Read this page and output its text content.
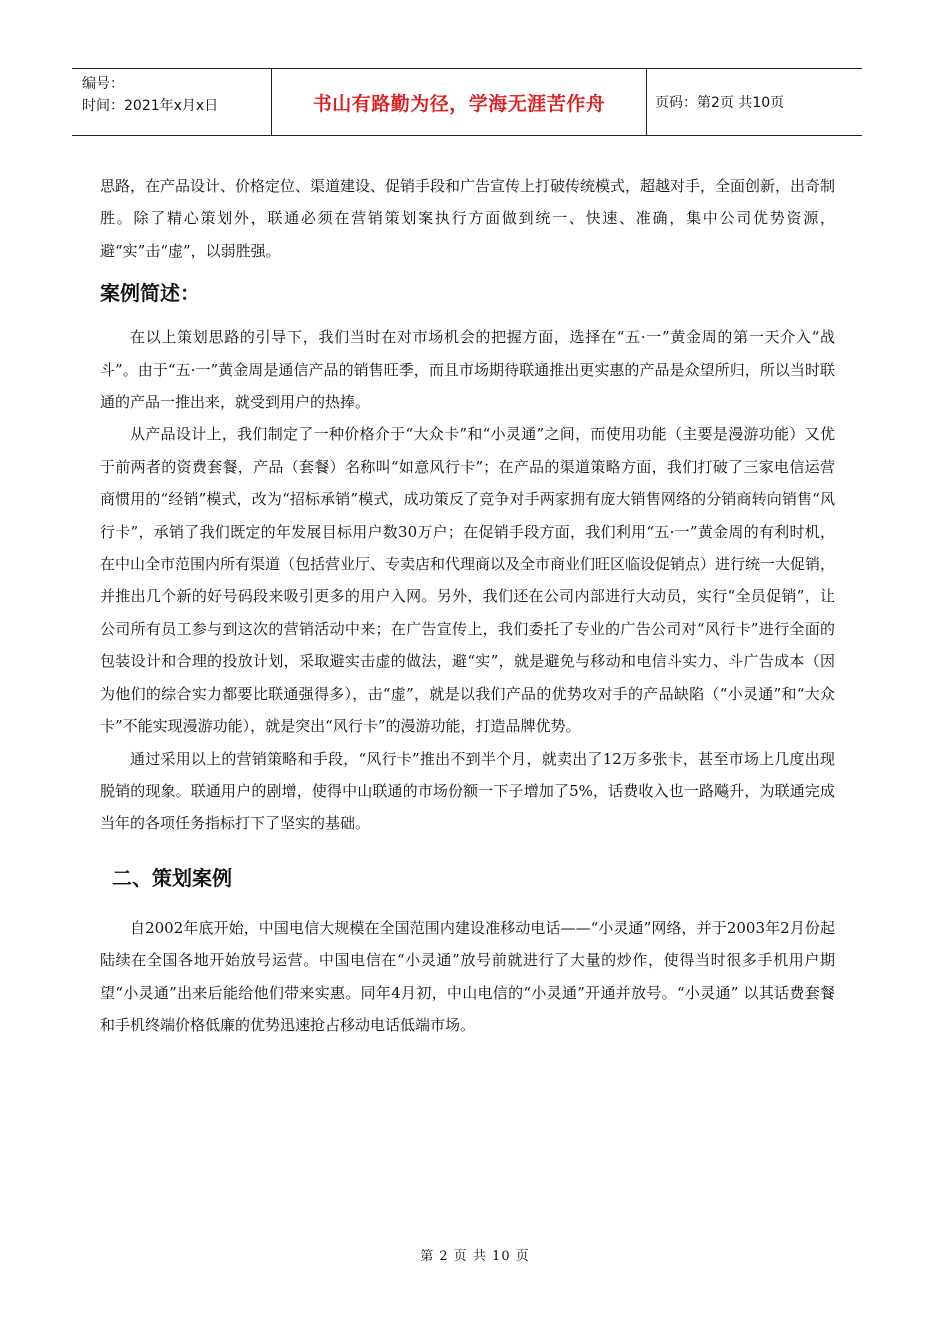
编号：
时间：2021年x月x日	书山有路勤为径，学海无涯苦作舟	页码：第2页 共10页

思路，在产品设计、价格定位、渠道建设、促销手段和广告宣传上打破传统模式，超越对手，全面创新，出奇制胜。除了精心策划外，联通必须在营销策划案执行方面做到统一、快速、准确，集中公司优势资源，避“实”击“虚”，以弱胜强。

案例简述：

在以上策划思路的引导下，我们当时在对市场机会的把握方面，选择在“五·一”黄金周的第一天介入“战斗”。由于“五·一”黄金周是通信产品的销售旺季，而且市场期待联通推出更实惠的产品是众望所归，所以当时联通的产品一推出来，就受到用户的热捧。

从产品设计上，我们制定了一种价格介于“大众卡”和“小灵通”之间，而使用功能（主要是漫游功能）又优于前两者的资费套餐，产品（套餐）名称叫“如意风行卡”；在产品的渠道策略方面，我们打破了三家电信运营商惯用的“经销”模式，改为“招标承销”模式，成功策反了竞争对手两家拥有庞大销售网络的分销商转向销售“风行卡”，承销了我们既定的年发展目标用户数30万户；在促销手段方面，我们利用“五·一”黄金周的有利时机，在中山全市范围内所有渠道（包括营业厅、专卖店和代理商以及全市商业们旺区临设促销点）进行统一大促销，并推出几个新的好号码段来吸引更多的用户入网。另外，我们还在公司内部进行大动员，实行“全员促销”，让公司所有员工参与到这次的营销活动中来；在广告宣传上，我们委托了专业的广告公司对“风行卡”进行全面的包装设计和合理的投放计划，采取避实击虚的做法，避“实”，就是避免与移动和电信斗实力、斗广告成本（因为他们的综合实力都要比联通强得多），击“虚”，就是以我们产品的优势攻对手的产品缺陷（“小灵通”和“大众卡”不能实现漫游功能），就是突出“风行卡”的漫游功能，打造品牌优势。

通过采用以上的营销策略和手段，“风行卡”推出不到半个月，就卖出了12万多张卡，甚至市场上几度出现脱销的现象。联通用户的剧增，使得中山联通的市场份额一下子增加了5%，话费收入也一路飚升，为联通完成当年的各项任务指标打下了坚实的基础。

二、策划案例

自2002年底开始，中国电信大规模在全国范围内建设准移动电话——“小灵通”网络，并于2003年2月份起陆续在全国各地开始放号运营。中国电信在“小灵通”放号前就进行了大量的炒作，使得当时很多手机用户期望“小灵通”出来后能给他们带来实惠。同年4月初，中山电信的“小灵通”开通并放号。“小灵通” 以其话费套餐和手机终端价格低廉的优势迅速抢占移动电话低端市场。

第 2 页 共 10 页
